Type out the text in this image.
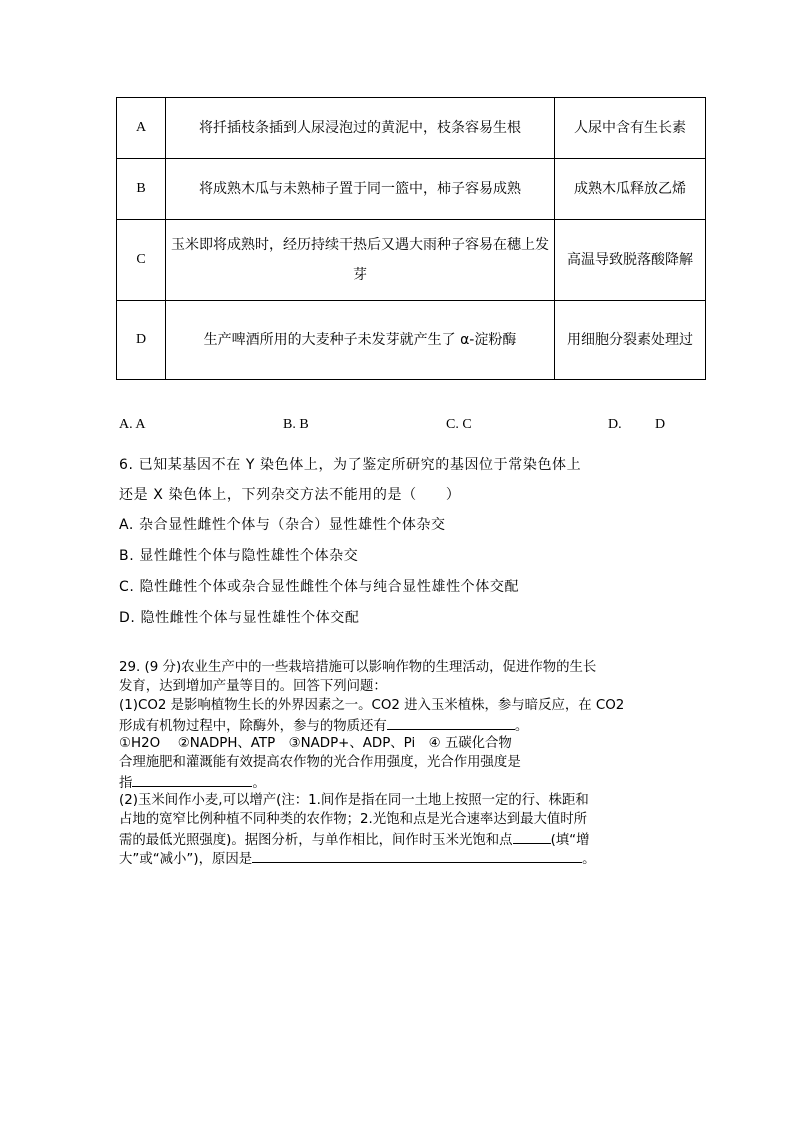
A	将扦插枝条插到人尿浸泡过的黄泥中，枝条容易生根	人尿中含有生长素
B	将成熟木瓜与未熟柿子置于同一篮中，柿子容易成熟	成熟木瓜释放乙烯
C	玉米即将成熟时，经历持续干热后又遇大雨种子容易在穗上发芽	高温导致脱落酸降解
D	生产啤酒所用的大麦种子未发芽就产生了 α-淀粉酶	用细胞分裂素处理过
A. A	B. B	C. C	D. D
6. 已知某基因不在 Y 染色体上，为了鉴定所研究的基因位于常染色体上
还是 X 染色体上，下列杂交方法不能用的是（　　）
A. 杂合显性雌性个体与（杂合）显性雄性个体杂交
B. 显性雌性个体与隐性雄性个体杂交
C. 隐性雌性个体或杂合显性雌性个体与纯合显性雄性个体交配
D. 隐性雌性个体与显性雄性个体交配
29. (9 分)农业生产中的一些栽培措施可以影响作物的生理活动，促进作物的生长
发育，达到增加产量等目的。回答下列问题：
(1)CO2 是影响植物生长的外界因素之一。CO2 进入玉米植株，参与暗反应，在 CO2
形成有机物过程中，除酶外，参与的物质还有	。
①H2O　 ②NADPH、ATP　③NADP+、ADP、Pi　④ 五碳化合物
合理施肥和灌溉能有效提高农作物的光合作用强度，光合作用强度是
指	。
(2)玉米间作小麦,可以增产(注：1.间作是指在同一土地上按照一定的行、株距和
占地的宽窄比例种植不同种类的农作物；2.光饱和点是光合速率达到最大值时所
需的最低光照强度)。据图分析，与单作相比，间作时玉米光饱和点	(填“增
大”或“减小”)，原因是	。
